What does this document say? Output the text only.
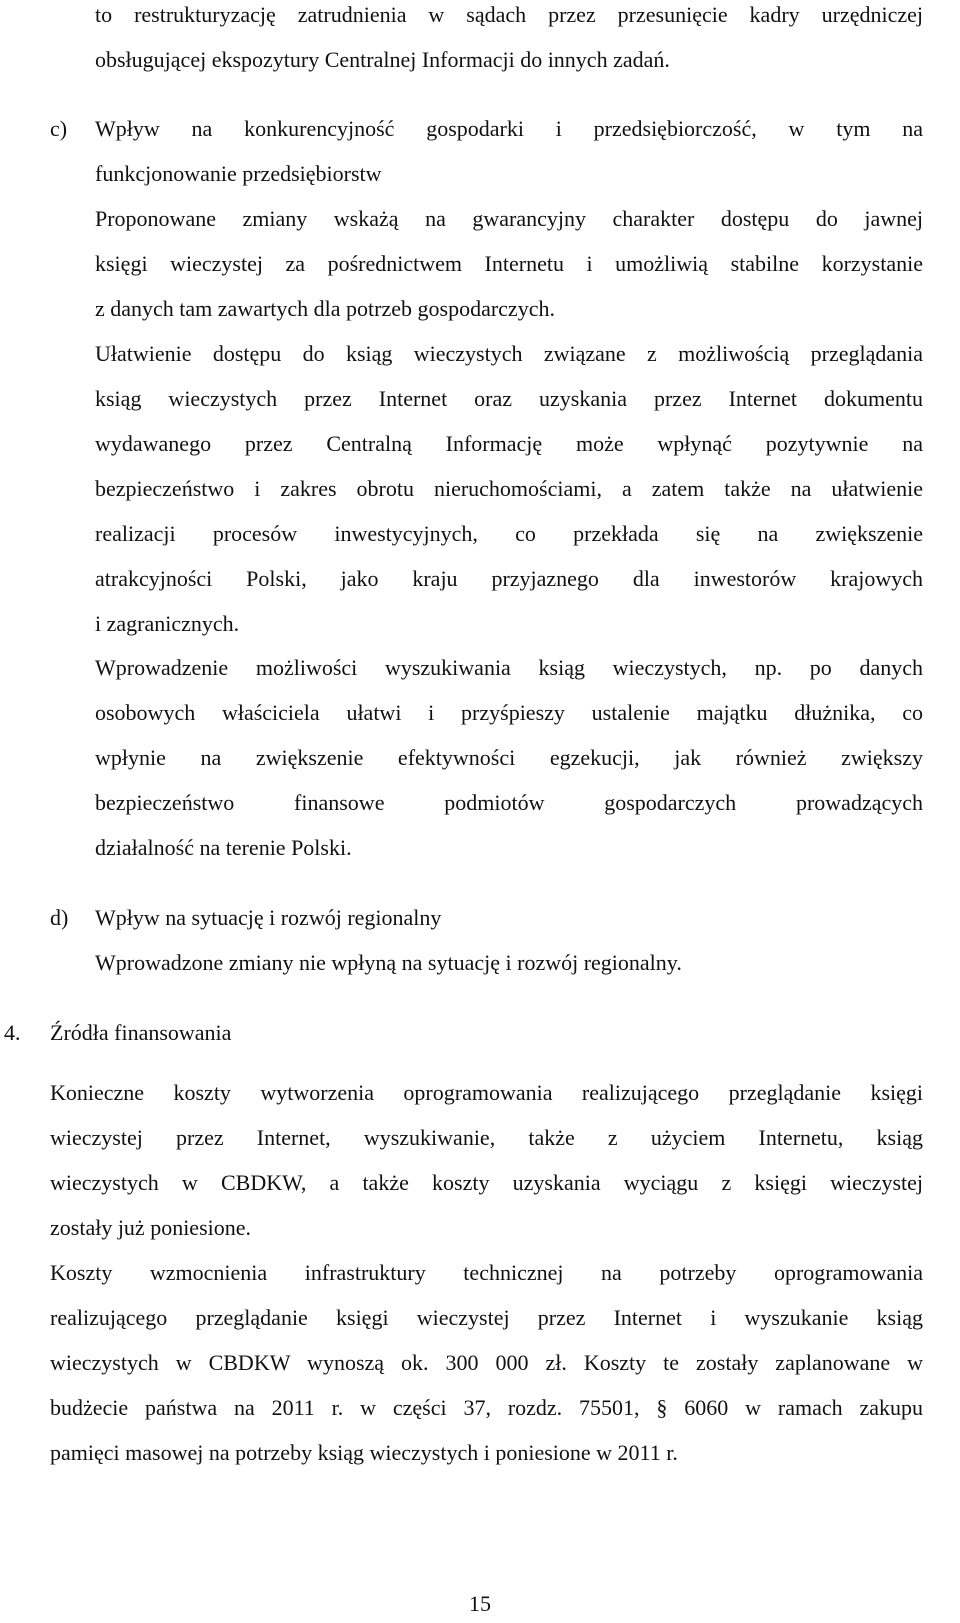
to restrukturyzację zatrudnienia w sądach przez przesunięcie kadry urzędniczej
obsługującej ekspozytury Centralnej Informacji do innych zadań.
c) Wpływ na konkurencyjność gospodarki i przedsiębiorczość, w tym na
funkcjonowanie przedsiębiorstw
Proponowane zmiany wskażą na gwarancyjny charakter dostępu do jawnej
księgi wieczystej za pośrednictwem Internetu i umożliwią stabilne korzystanie
z danych tam zawartych dla potrzeb gospodarczych.
Ułatwienie dostępu do ksiąg wieczystych związane z możliwością przeglądania
ksiąg wieczystych przez Internet oraz uzyskania przez Internet dokumentu
wydawanego przez Centralną Informację może wpłynąć pozytywnie na
bezpieczeństwo i zakres obrotu nieruchomościami, a zatem także na ułatwienie
realizacji procesów inwestycyjnych, co przekłada się na zwiększenie
atrakcyjności Polski, jako kraju przyjaznego dla inwestorów krajowych
i zagranicznych.
Wprowadzenie możliwości wyszukiwania ksiąg wieczystych, np. po danych
osobowych właściciela ułatwi i przyśpieszy ustalenie majątku dłużnika, co
wpłynie na zwiększenie efektywności egzekucji, jak również zwiększy
bezpieczeństwo finansowe podmiotów gospodarczych prowadzących
działalność na terenie Polski.
d) Wpływ na sytuację i rozwój regionalny
Wprowadzone zmiany nie wpłyną na sytuację i rozwój regionalny.
4. Źródła finansowania
Konieczne koszty wytworzenia oprogramowania realizującego przeglądanie księgi
wieczystej przez Internet, wyszukiwanie, także z użyciem Internetu, ksiąg
wieczystych w CBDKW, a także koszty uzyskania wyciągu z księgi wieczystej
zostały już poniesione.
Koszty wzmocnienia infrastruktury technicznej na potrzeby oprogramowania
realizującego przeglądanie księgi wieczystej przez Internet i wyszukanie ksiąg
wieczystych w CBDKW wynoszą ok. 300 000 zł. Koszty te zostały zaplanowane w
budżecie państwa na 2011 r. w części 37, rozdz. 75501, § 6060 w ramach zakupu
pamięci masowej na potrzeby ksiąg wieczystych i poniesione w 2011 r.
15
